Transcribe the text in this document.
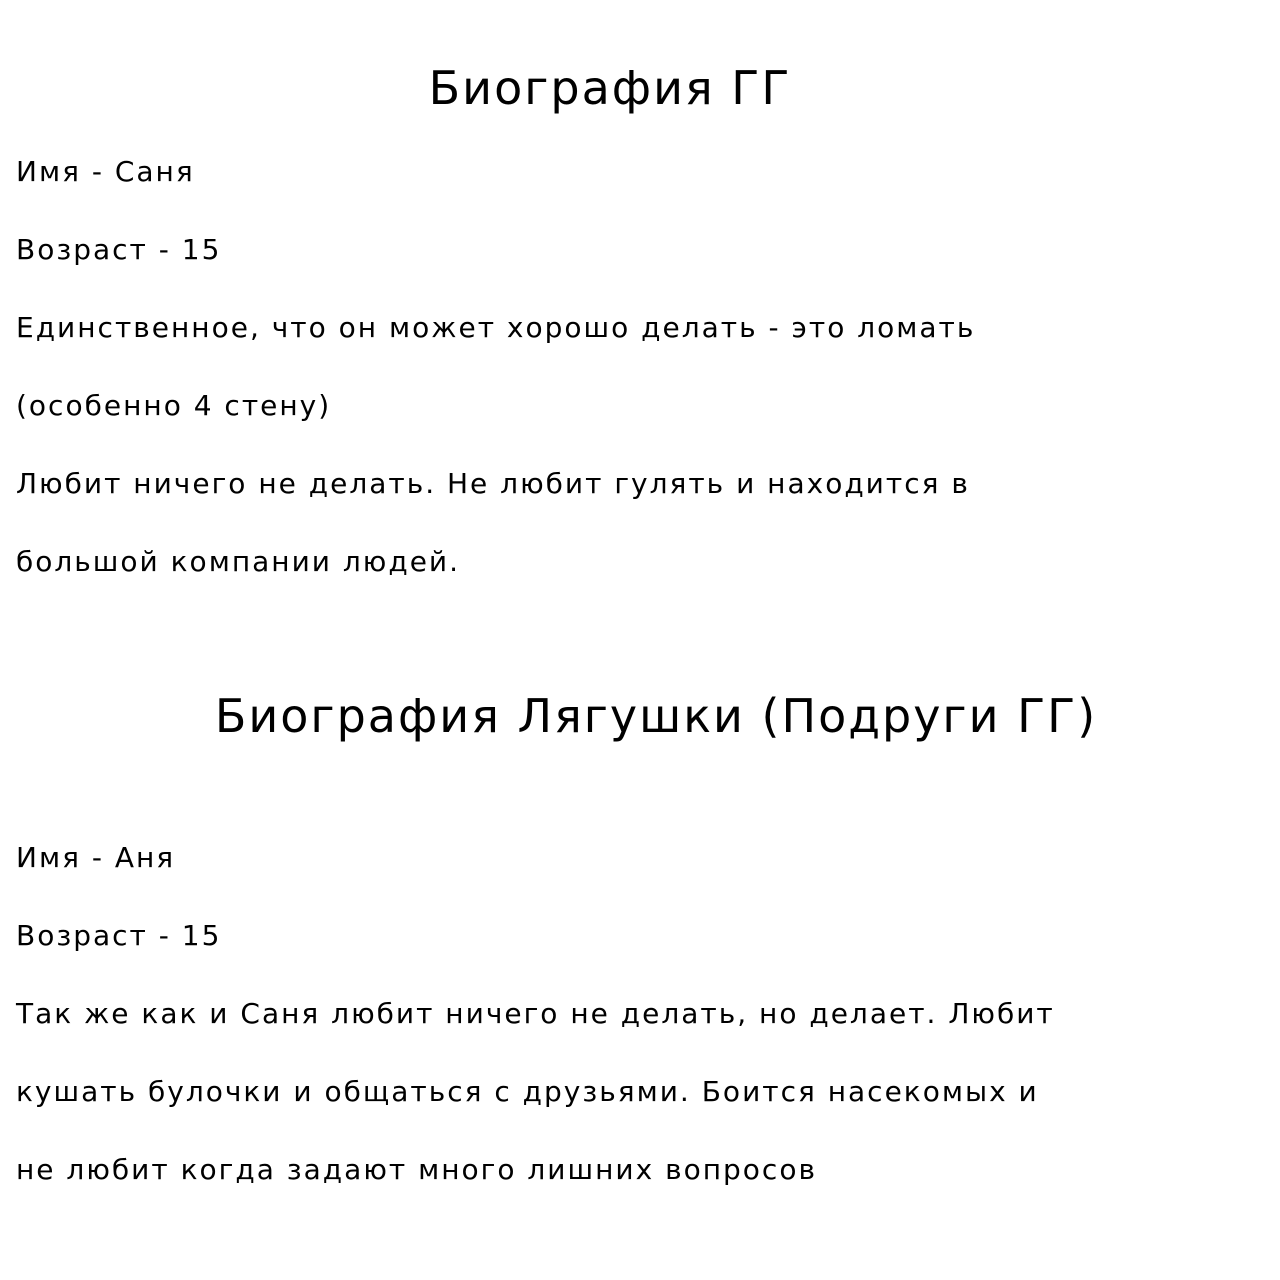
Биография ГГ

Имя - Саня

Возраст - 15

Единственное, что он может хорошо делать - это ломать

(особенно 4 стену)

Любит ничего не делать. Не любит гулять и находится в

большой компании людей.

Биография Лягушки (Подруги ГГ)

Имя - Аня

Возраст - 15

Так же как и Саня любит ничего не делать, но делает. Любит

кушать булочки и общаться с друзьями. Боится насекомых и

не любит когда задают много лишних вопросов
